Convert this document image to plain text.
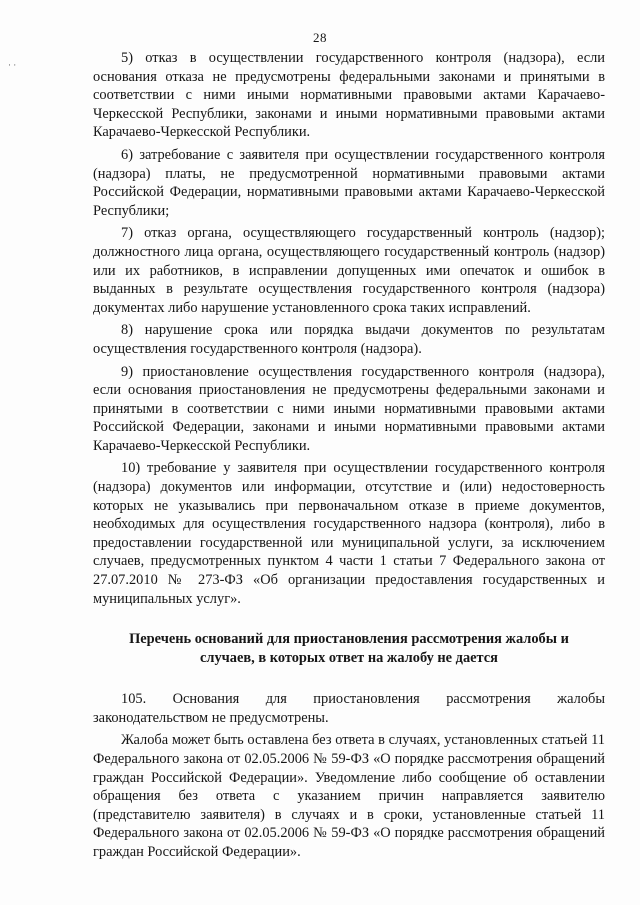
28
· ·	5) отказ в осуществлении государственного контроля (надзора), если основания отказа не предусмотрены федеральными законами и принятыми в соответствии с ними иными нормативными правовыми актами Карачаево-Черкесской Республики, законами и иными нормативными правовыми актами Карачаево-Черкесской Республики.

6) затребование с заявителя при осуществлении государственного контроля (надзора) платы, не предусмотренной нормативными правовыми актами Российской Федерации, нормативными правовыми актами Карачаево-Черкесской Республики;

7) отказ органа, осуществляющего государственный контроль (надзор); должностного лица органа, осуществляющего государственный контроль (надзор) или их работников, в исправлении допущенных ими опечаток и ошибок в выданных в результате осуществления государственного контроля (надзора) документах либо нарушение установленного срока таких исправлений.

8) нарушение срока или порядка выдачи документов по результатам осуществления государственного контроля (надзора).

9) приостановление осуществления государственного контроля (надзора), если основания приостановления не предусмотрены федеральными законами и принятыми в соответствии с ними иными нормативными правовыми актами Российской Федерации, законами и иными нормативными правовыми актами Карачаево-Черкесской Республики.

10) требование у заявителя при осуществлении государственного контроля (надзора) документов или информации, отсутствие и (или) недостоверность которых не указывались при первоначальном отказе в приеме документов, необходимых для осуществления государственного надзора (контроля), либо в предоставлении государственной или муниципальной услуги, за исключением случаев, предусмотренных пунктом 4 части 1 статьи 7 Федерального закона от 27.07.2010 № 273-ФЗ «Об организации предоставления государственных и муниципальных услуг».

Перечень оснований для приостановления рассмотрения жалобы и случаев, в которых ответ на жалобу не дается

105. Основания для приостановления рассмотрения жалобы законодательством не предусмотрены.

Жалоба может быть оставлена без ответа в случаях, установленных статьей 11 Федерального закона от 02.05.2006 № 59-ФЗ «О порядке рассмотрения обращений граждан Российской Федерации». Уведомление либо сообщение об оставлении обращения без ответа с указанием причин направляется заявителю (представителю заявителя) в случаях и в сроки, установленные статьей 11 Федерального закона от 02.05.2006 № 59-ФЗ «О порядке рассмотрения обращений граждан Российской Федерации».
